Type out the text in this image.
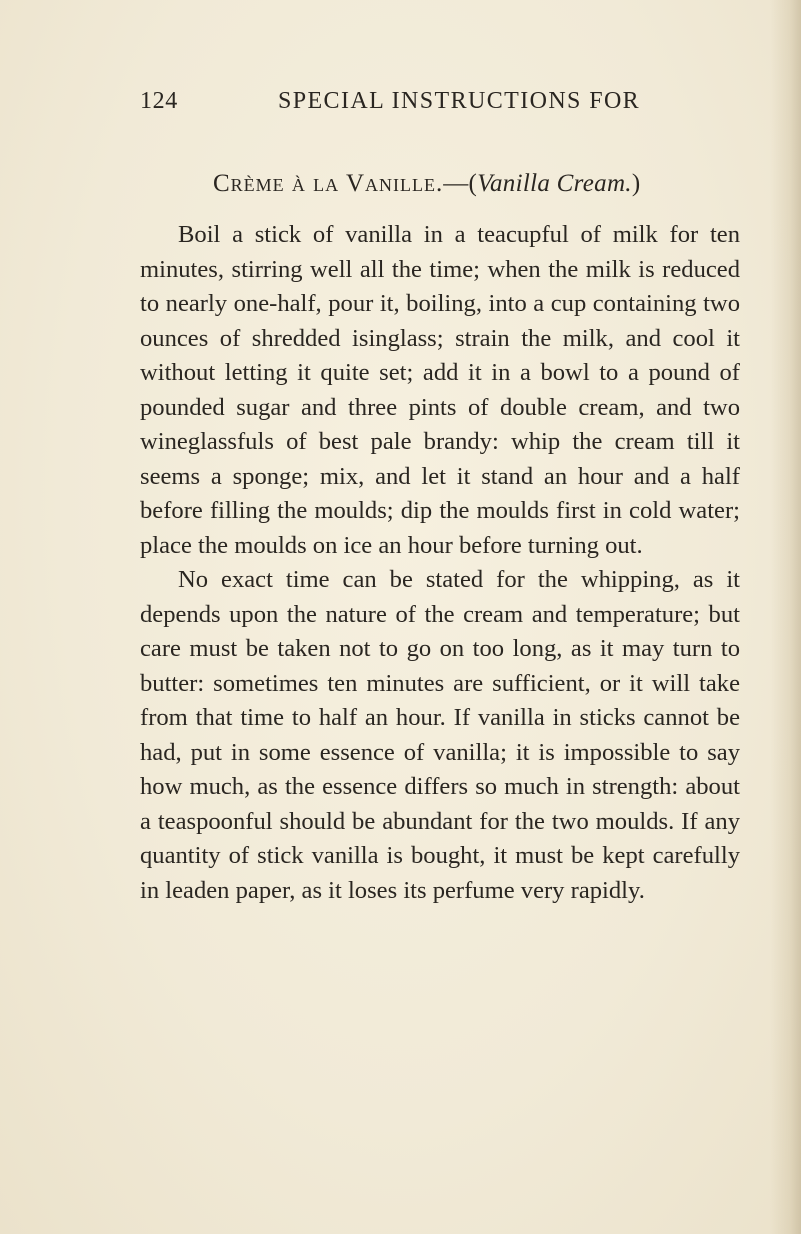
124	SPECIAL INSTRUCTIONS FOR
Crème à la Vanille.—(Vanilla Cream.)

Boil a stick of vanilla in a teacupful of milk for ten minutes, stirring well all the time; when the milk is reduced to nearly one-half, pour it, boiling, into a cup containing two ounces of shredded isinglass; strain the milk, and cool it without letting it quite set; add it in a bowl to a pound of pounded sugar and three pints of double cream, and two wineglassfuls of best pale brandy: whip the cream till it seems a sponge; mix, and let it stand an hour and a half before filling the moulds; dip the moulds first in cold water; place the moulds on ice an hour before turning out.

No exact time can be stated for the whipping, as it depends upon the nature of the cream and temperature; but care must be taken not to go on too long, as it may turn to butter: sometimes ten minutes are sufficient, or it will take from that time to half an hour. If vanilla in sticks cannot be had, put in some essence of vanilla; it is impossible to say how much, as the essence differs so much in strength: about a teaspoonful should be abundant for the two moulds. If any quantity of stick vanilla is bought, it must be kept carefully in leaden paper, as it loses its perfume very rapidly.
